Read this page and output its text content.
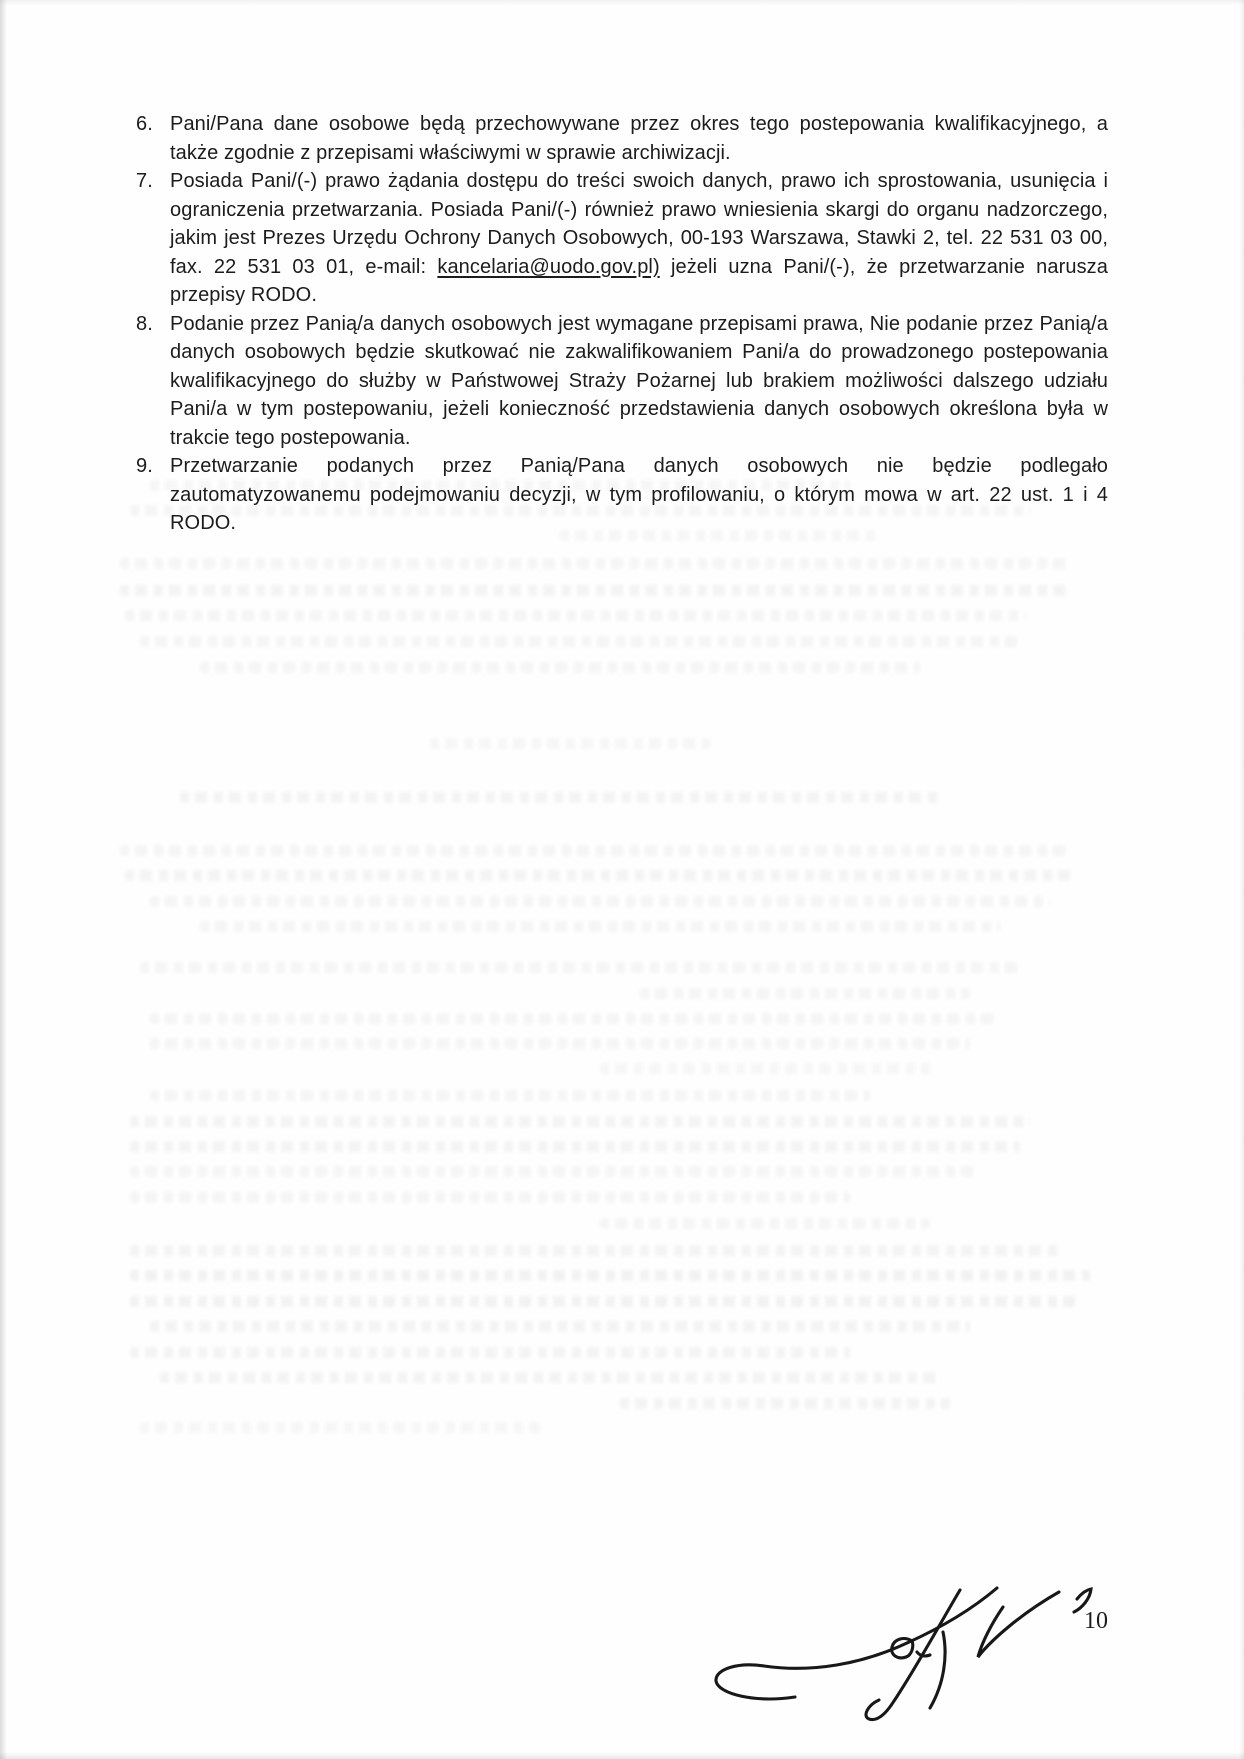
6. Pani/Pana dane osobowe będą przechowywane przez okres tego postepowania kwalifikacyjnego, a także zgodnie z przepisami właściwymi w sprawie archiwizacji.
7. Posiada Pani/(-) prawo żądania dostępu do treści swoich danych, prawo ich sprostowania, usunięcia i ograniczenia przetwarzania. Posiada Pani/(-) również prawo wniesienia skargi do organu nadzorczego, jakim jest Prezes Urzędu Ochrony Danych Osobowych, 00-193 Warszawa, Stawki 2, tel. 22 531 03 00, fax. 22 531 03 01, e-mail: kancelaria@uodo.gov.pl) jeżeli uzna Pani/(-), że przetwarzanie narusza przepisy RODO.
8. Podanie przez Panią/a danych osobowych jest wymagane przepisami prawa, Nie podanie przez Panią/a danych osobowych będzie skutkować nie zakwalifikowaniem Pani/a do prowadzonego postepowania kwalifikacyjnego do służby w Państwowej Straży Pożarnej lub brakiem możliwości dalszego udziału Pani/a w tym postepowaniu, jeżeli konieczność przedstawienia danych osobowych określona była w trakcie tego postepowania.
9. Przetwarzanie podanych przez Panią/Pana danych osobowych nie będzie podlegało zautomatyzowanemu podejmowaniu decyzji, w tym profilowaniu, o którym mowa w art. 22 ust. 1 i 4 RODO.
10
